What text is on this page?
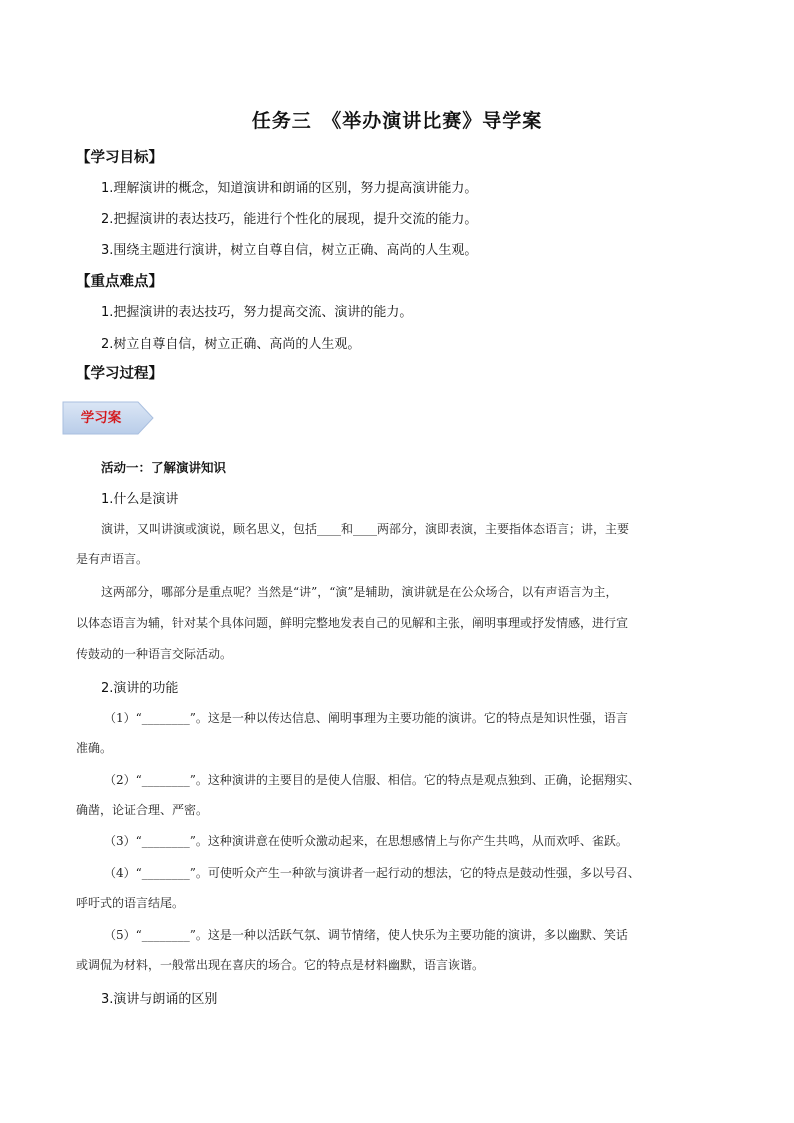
任务三　《举办演讲比赛》导学案
【学习目标】
1.理解演讲的概念，知道演讲和朗诵的区别，努力提高演讲能力。
2.把握演讲的表达技巧，能进行个性化的展现，提升交流的能力。
3.围绕主题进行演讲，树立自尊自信，树立正确、高尚的人生观。
【重点难点】
1.把握演讲的表达技巧，努力提高交流、演讲的能力。
2.树立自尊自信，树立正确、高尚的人生观。
【学习过程】
学习案
活动一：了解演讲知识
1.什么是演讲
演讲，又叫讲演或演说，顾名思义，包括____和____两部分，演即表演，主要指体态语言；讲，主要
是有声语言。
这两部分，哪部分是重点呢？当然是“讲”，“演”是辅助，演讲就是在公众场合，以有声语言为主，
以体态语言为辅，针对某个具体问题，鲜明完整地发表自己的见解和主张，阐明事理或抒发情感，进行宣
传鼓动的一种语言交际活动。
2.演讲的功能
（1）“________”。这是一种以传达信息、阐明事理为主要功能的演讲。它的特点是知识性强，语言
准确。
（2）“________”。这种演讲的主要目的是使人信服、相信。它的特点是观点独到、正确，论据翔实、
确凿，论证合理、严密。
（3）“________”。这种演讲意在使听众激动起来，在思想感情上与你产生共鸣，从而欢呼、雀跃。
（4）“________”。可使听众产生一种欲与演讲者一起行动的想法，它的特点是鼓动性强，多以号召、
呼吁式的语言结尾。
（5）“________”。这是一种以活跃气氛、调节情绪，使人快乐为主要功能的演讲，多以幽默、笑话
或调侃为材料，一般常出现在喜庆的场合。它的特点是材料幽默，语言诙谐。
3.演讲与朗诵的区别
